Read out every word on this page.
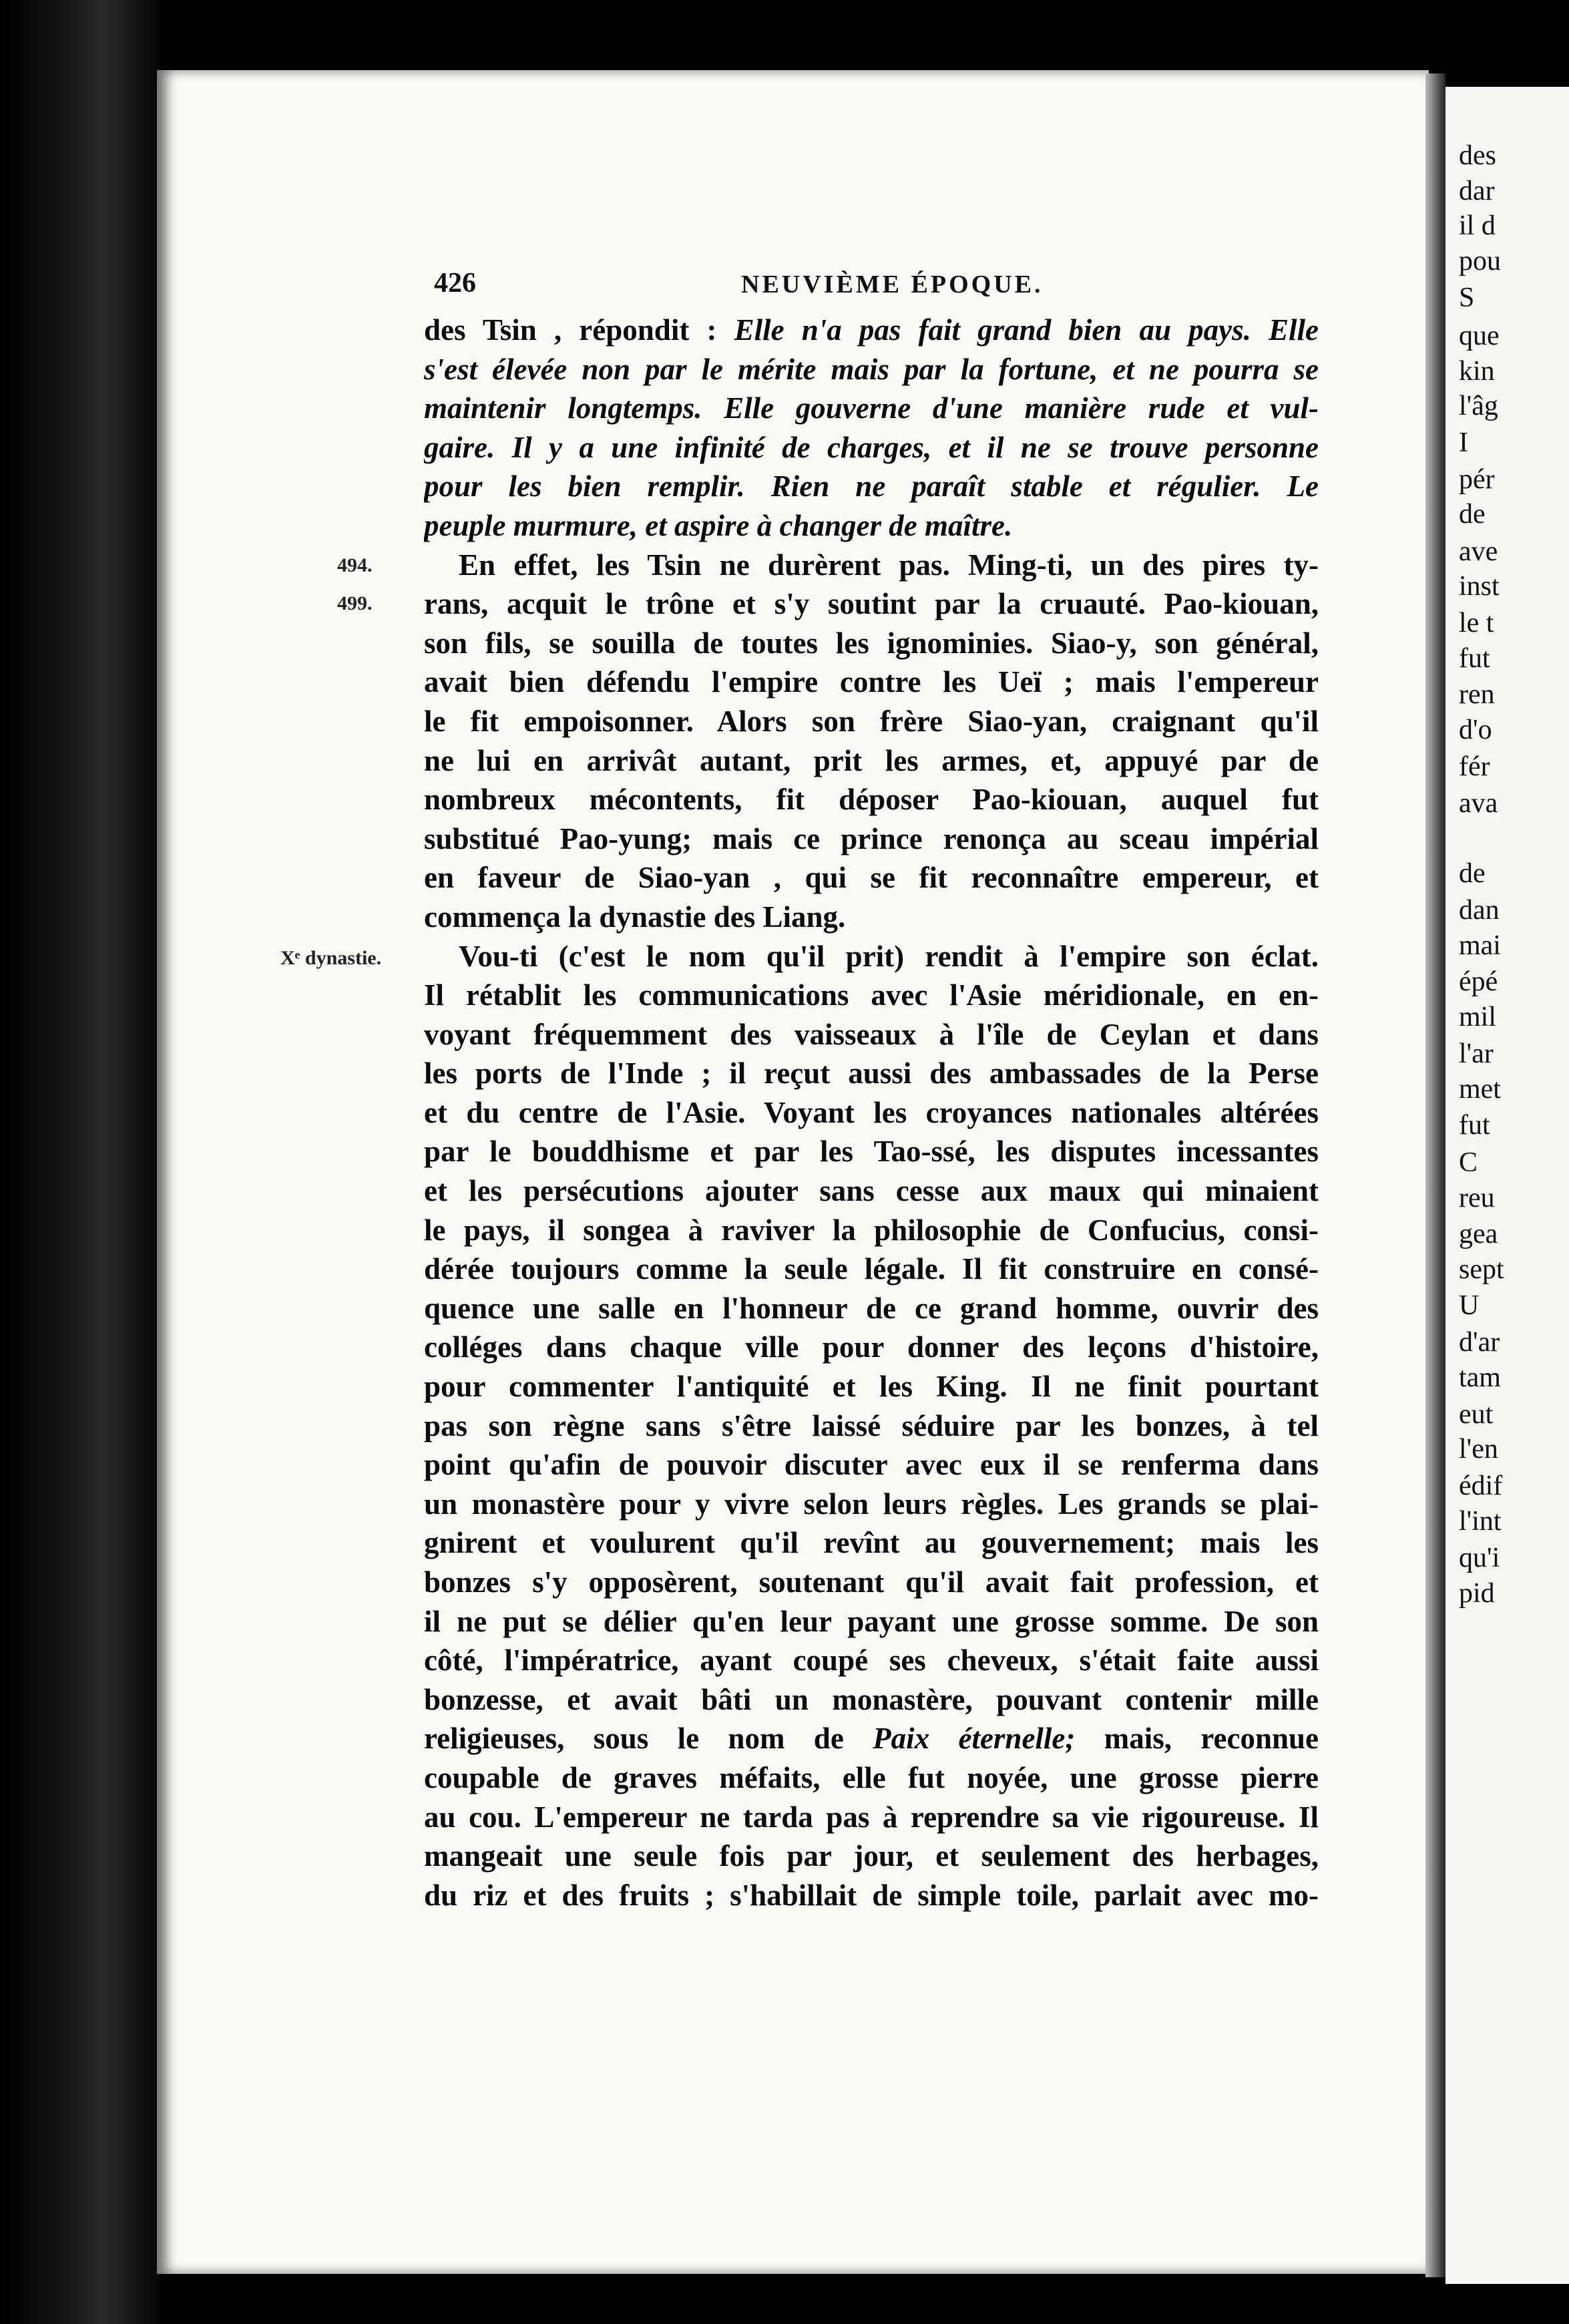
des
dar
il d
pou
S
que
kin
l'âg
I
pér
de
ave
inst
le t
fut
ren
d'o
fér
ava
de
dan
mai
épé
mil
l'ar
met
fut
C
reu
gea
sept
U
d'ar
tam
eut
l'en
édif
l'int
qu'i
pid
426	NEUVIÈME ÉPOQUE.
494.
499.
Xᵉ dynastie.
des Tsin , répondit : Elle n'a pas fait grand bien au pays. Elle
s'est élevée non par le mérite mais par la fortune, et ne pourra se
maintenir longtemps. Elle gouverne d'une manière rude et vul-
gaire. Il y a une infinité de charges, et il ne se trouve personne
pour les bien remplir. Rien ne paraît stable et régulier. Le
peuple murmure, et aspire à changer de maître.
En effet, les Tsin ne durèrent pas. Ming-ti, un des pires ty-
rans, acquit le trône et s'y soutint par la cruauté. Pao-kiouan,
son fils, se souilla de toutes les ignominies. Siao-y, son général,
avait bien défendu l'empire contre les Ueï ; mais l'empereur
le fit empoisonner. Alors son frère Siao-yan, craignant qu'il
ne lui en arrivât autant, prit les armes, et, appuyé par de
nombreux mécontents, fit déposer Pao-kiouan, auquel fut
substitué Pao-yung; mais ce prince renonça au sceau impérial
en faveur de Siao-yan , qui se fit reconnaître empereur, et
commença la dynastie des Liang.
Vou-ti (c'est le nom qu'il prit) rendit à l'empire son éclat.
Il rétablit les communications avec l'Asie méridionale, en en-
voyant fréquemment des vaisseaux à l'île de Ceylan et dans
les ports de l'Inde ; il reçut aussi des ambassades de la Perse
et du centre de l'Asie. Voyant les croyances nationales altérées
par le bouddhisme et par les Tao-ssé, les disputes incessantes
et les persécutions ajouter sans cesse aux maux qui minaient
le pays, il songea à raviver la philosophie de Confucius, consi-
dérée toujours comme la seule légale. Il fit construire en consé-
quence une salle en l'honneur de ce grand homme, ouvrir des
colléges dans chaque ville pour donner des leçons d'histoire,
pour commenter l'antiquité et les King. Il ne finit pourtant
pas son règne sans s'être laissé séduire par les bonzes, à tel
point qu'afin de pouvoir discuter avec eux il se renferma dans
un monastère pour y vivre selon leurs règles. Les grands se plai-
gnirent et voulurent qu'il revînt au gouvernement; mais les
bonzes s'y opposèrent, soutenant qu'il avait fait profession, et
il ne put se délier qu'en leur payant une grosse somme. De son
côté, l'impératrice, ayant coupé ses cheveux, s'était faite aussi
bonzesse, et avait bâti un monastère, pouvant contenir mille
religieuses, sous le nom de Paix éternelle; mais, reconnue
coupable de graves méfaits, elle fut noyée, une grosse pierre
au cou. L'empereur ne tarda pas à reprendre sa vie rigoureuse. Il
mangeait une seule fois par jour, et seulement des herbages,
du riz et des fruits ; s'habillait de simple toile, parlait avec mo-
